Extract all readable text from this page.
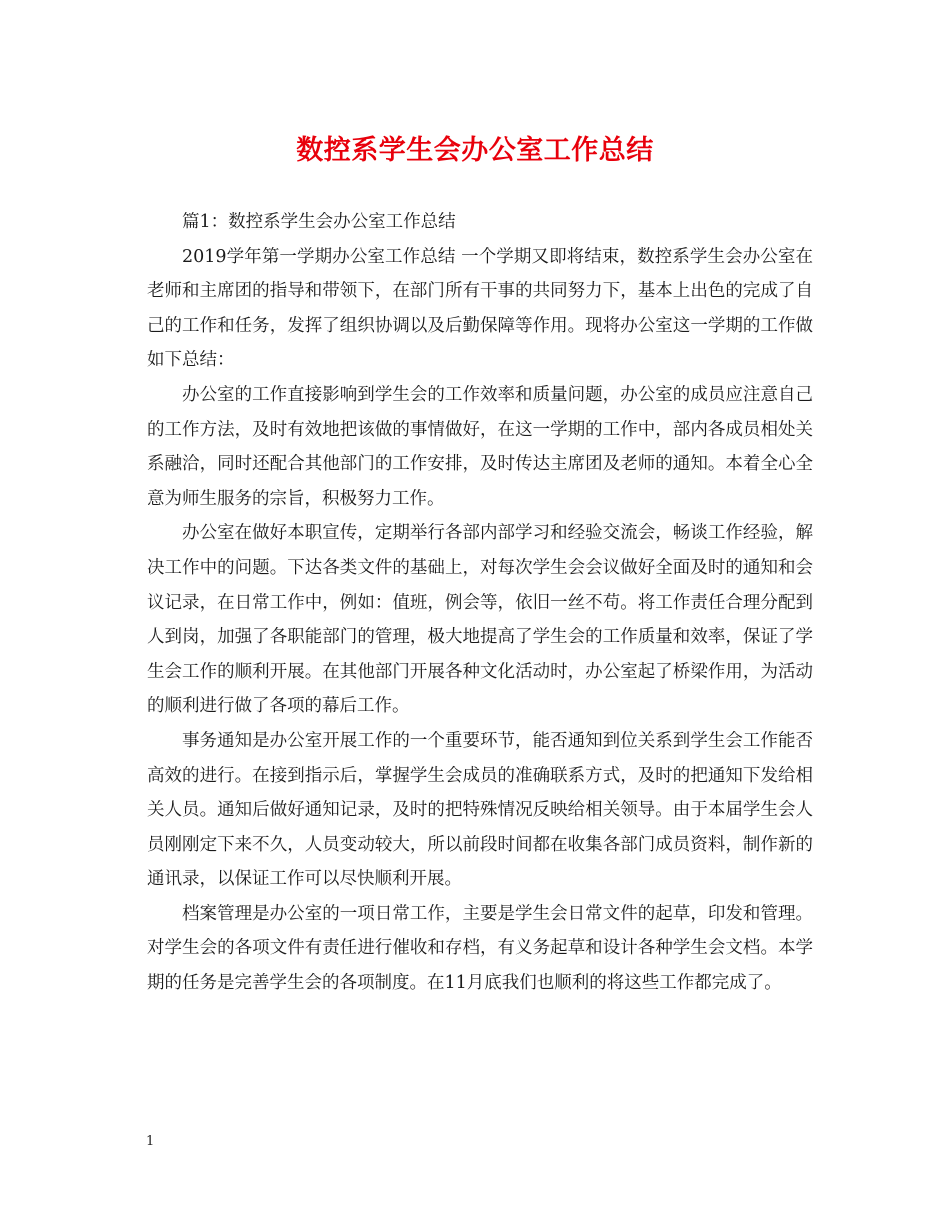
数控系学生会办公室工作总结

篇1：数控系学生会办公室工作总结

2019学年第一学期办公室工作总结 一个学期又即将结束，数控系学生会办公室在老师和主席团的指导和带领下，在部门所有干事的共同努力下，基本上出色的完成了自己的工作和任务，发挥了组织协调以及后勤保障等作用。现将办公室这一学期的工作做如下总结：

办公室的工作直接影响到学生会的工作效率和质量问题，办公室的成员应注意自己的工作方法，及时有效地把该做的事情做好，在这一学期的工作中，部内各成员相处关系融洽，同时还配合其他部门的工作安排，及时传达主席团及老师的通知。本着全心全意为师生服务的宗旨，积极努力工作。

办公室在做好本职宣传，定期举行各部内部学习和经验交流会，畅谈工作经验，解决工作中的问题。下达各类文件的基础上，对每次学生会会议做好全面及时的通知和会议记录，在日常工作中，例如：值班，例会等，依旧一丝不苟。将工作责任合理分配到人到岗，加强了各职能部门的管理，极大地提高了学生会的工作质量和效率，保证了学生会工作的顺利开展。在其他部门开展各种文化活动时，办公室起了桥梁作用，为活动的顺利进行做了各项的幕后工作。

事务通知是办公室开展工作的一个重要环节，能否通知到位关系到学生会工作能否高效的进行。在接到指示后，掌握学生会成员的准确联系方式，及时的把通知下发给相关人员。通知后做好通知记录，及时的把特殊情况反映给相关领导。由于本届学生会人员刚刚定下来不久，人员变动较大，所以前段时间都在收集各部门成员资料，制作新的通讯录，以保证工作可以尽快顺利开展。

档案管理是办公室的一项日常工作，主要是学生会日常文件的起草，印发和管理。对学生会的各项文件有责任进行催收和存档，有义务起草和设计各种学生会文档。本学期的任务是完善学生会的各项制度。在11月底我们也顺利的将这些工作都完成了。

1
